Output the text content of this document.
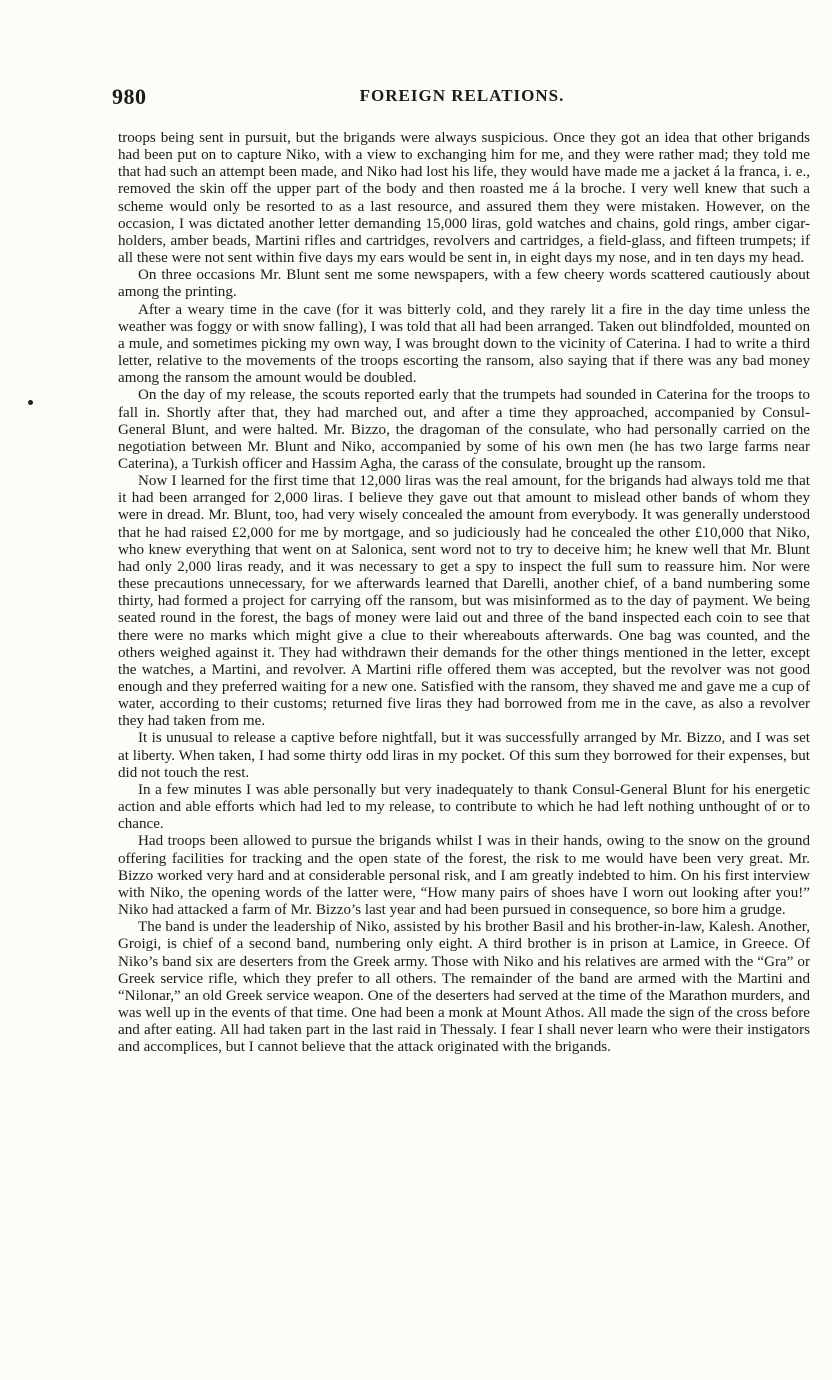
980	FOREIGN RELATIONS.

troops being sent in pursuit, but the brigands were always suspicious. Once they got an idea that other brigands had been put on to capture Niko, with a view to exchanging him for me, and they were rather mad; they told me that had such an attempt been made, and Niko had lost his life, they would have made me a jacket á la franca, i. e., removed the skin off the upper part of the body and then roasted me á la broche. I very well knew that such a scheme would only be resorted to as a last resource, and assured them they were mistaken. However, on the occasion, I was dictated another letter demanding 15,000 liras, gold watches and chains, gold rings, amber cigar-holders, amber beads, Martini rifles and cartridges, revolvers and cartridges, a field-glass, and fifteen trumpets; if all these were not sent within five days my ears would be sent in, in eight days my nose, and in ten days my head.

On three occasions Mr. Blunt sent me some newspapers, with a few cheery words scattered cautiously about among the printing.

After a weary time in the cave (for it was bitterly cold, and they rarely lit a fire in the day time unless the weather was foggy or with snow falling), I was told that all had been arranged. Taken out blindfolded, mounted on a mule, and sometimes picking my own way, I was brought down to the vicinity of Caterina. I had to write a third letter, relative to the movements of the troops escorting the ransom, also saying that if there was any bad money among the ransom the amount would be doubled.

On the day of my release, the scouts reported early that the trumpets had sounded in Caterina for the troops to fall in. Shortly after that, they had marched out, and after a time they approached, accompanied by Consul-General Blunt, and were halted. Mr. Bizzo, the dragoman of the consulate, who had personally carried on the negotiation between Mr. Blunt and Niko, accompanied by some of his own men (he has two large farms near Caterina), a Turkish officer and Hassim Agha, the carass of the consulate, brought up the ransom.

Now I learned for the first time that 12,000 liras was the real amount, for the brigands had always told me that it had been arranged for 2,000 liras. I believe they gave out that amount to mislead other bands of whom they were in dread. Mr. Blunt, too, had very wisely concealed the amount from everybody. It was generally understood that he had raised £2,000 for me by mortgage, and so judiciously had he concealed the other £10,000 that Niko, who knew everything that went on at Salonica, sent word not to try to deceive him; he knew well that Mr. Blunt had only 2,000 liras ready, and it was necessary to get a spy to inspect the full sum to reassure him. Nor were these precautions unnecessary, for we afterwards learned that Darelli, another chief, of a band numbering some thirty, had formed a project for carrying off the ransom, but was misinformed as to the day of payment. We being seated round in the forest, the bags of money were laid out and three of the band inspected each coin to see that there were no marks which might give a clue to their whereabouts afterwards. One bag was counted, and the others weighed against it. They had withdrawn their demands for the other things mentioned in the letter, except the watches, a Martini, and revolver. A Martini rifle offered them was accepted, but the revolver was not good enough and they preferred waiting for a new one. Satisfied with the ransom, they shaved me and gave me a cup of water, according to their customs; returned five liras they had borrowed from me in the cave, as also a revolver they had taken from me.

It is unusual to release a captive before nightfall, but it was successfully arranged by Mr. Bizzo, and I was set at liberty. When taken, I had some thirty odd liras in my pocket. Of this sum they borrowed for their expenses, but did not touch the rest.

In a few minutes I was able personally but very inadequately to thank Consul-General Blunt for his energetic action and able efforts which had led to my release, to contribute to which he had left nothing unthought of or to chance.

Had troops been allowed to pursue the brigands whilst I was in their hands, owing to the snow on the ground offering facilities for tracking and the open state of the forest, the risk to me would have been very great. Mr. Bizzo worked very hard and at considerable personal risk, and I am greatly indebted to him. On his first interview with Niko, the opening words of the latter were, “How many pairs of shoes have I worn out looking after you!” Niko had attacked a farm of Mr. Bizzo’s last year and had been pursued in consequence, so bore him a grudge.

The band is under the leadership of Niko, assisted by his brother Basil and his brother-in-law, Kalesh. Another, Groigi, is chief of a second band, numbering only eight. A third brother is in prison at Lamice, in Greece. Of Niko’s band six are deserters from the Greek army. Those with Niko and his relatives are armed with the “Gra” or Greek service rifle, which they prefer to all others. The remainder of the band are armed with the Martini and “Nilonar,” an old Greek service weapon. One of the deserters had served at the time of the Marathon murders, and was well up in the events of that time. One had been a monk at Mount Athos. All made the sign of the cross before and after eating. All had taken part in the last raid in Thessaly. I fear I shall never learn who were their instigators and accomplices, but I cannot believe that the attack originated with the brigands.
